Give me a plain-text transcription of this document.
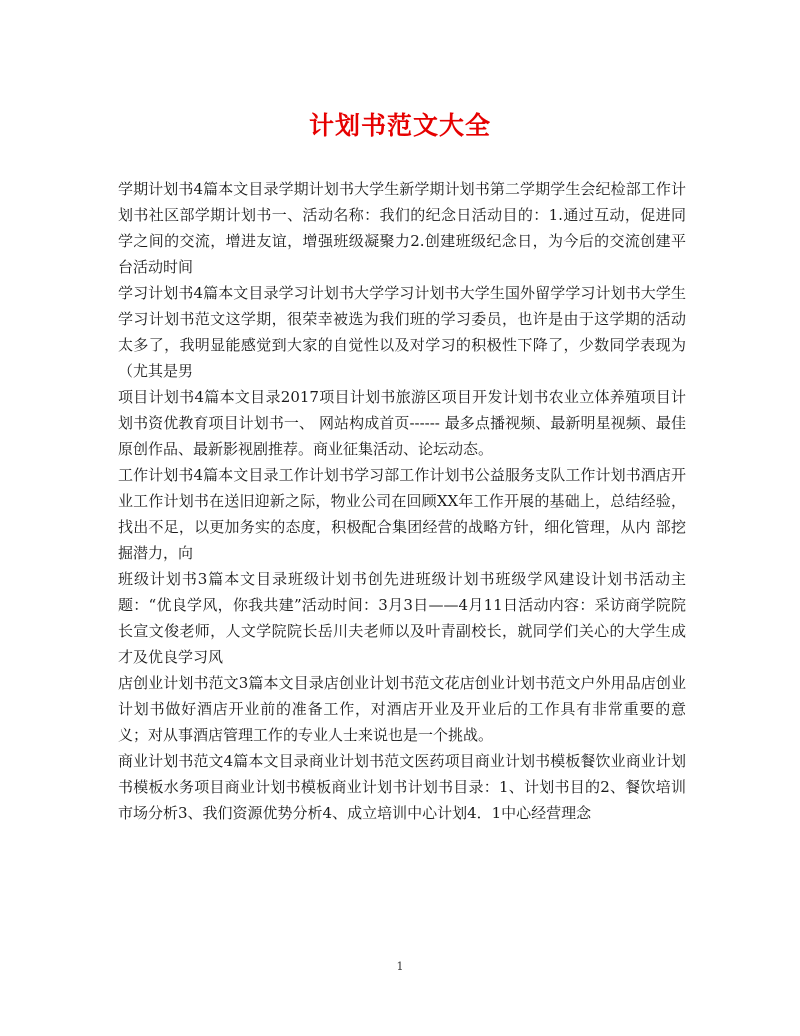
计划书范文大全

学期计划书4篇本文目录学期计划书大学生新学期计划书第二学期学生会纪检部工作计划书社区部学期计划书一、活动名称：我们的纪念日活动目的：1.通过互动，促进同学之间的交流，增进友谊，增强班级凝聚力2.创建班级纪念日，为今后的交流创建平台活动时间

学习计划书4篇本文目录学习计划书大学学习计划书大学生国外留学学习计划书大学生学习计划书范文这学期，很荣幸被选为我们班的学习委员，也许是由于这学期的活动太多了，我明显能感觉到大家的自觉性以及对学习的积极性下降了，少数同学表现为（尤其是男

项目计划书4篇本文目录2017项目计划书旅游区项目开发计划书农业立体养殖项目计划书资优教育项目计划书一、 网站构成首页------ 最多点播视频、最新明星视频、最佳原创作品、最新影视剧推荐。商业征集活动、论坛动态。

工作计划书4篇本文目录工作计划书学习部工作计划书公益服务支队工作计划书酒店开业工作计划书在送旧迎新之际，物业公司在回顾XX年工作开展的基础上，总结经验，找出不足，以更加务实的态度，积极配合集团经营的战略方针，细化管理，从内 部挖掘潜力，向

班级计划书3篇本文目录班级计划书创先进班级计划书班级学风建设计划书活动主题：“优良学风，你我共建”活动时间：3月3日——4月11日活动内容：采访商学院院长宣文俊老师，人文学院院长岳川夫老师以及叶青副校长，就同学们关心的大学生成才及优良学习风

店创业计划书范文3篇本文目录店创业计划书范文花店创业计划书范文户外用品店创业计划书做好酒店开业前的准备工作，对酒店开业及开业后的工作具有非常重要的意义；对从事酒店管理工作的专业人士来说也是一个挑战。

商业计划书范文4篇本文目录商业计划书范文医药项目商业计划书模板餐饮业商业计划书模板水务项目商业计划书模板商业计划书计划书目录：1、计划书目的2、餐饮培训市场分析3、我们资源优势分析4、成立培训中心计划4．1中心经营理念

1
